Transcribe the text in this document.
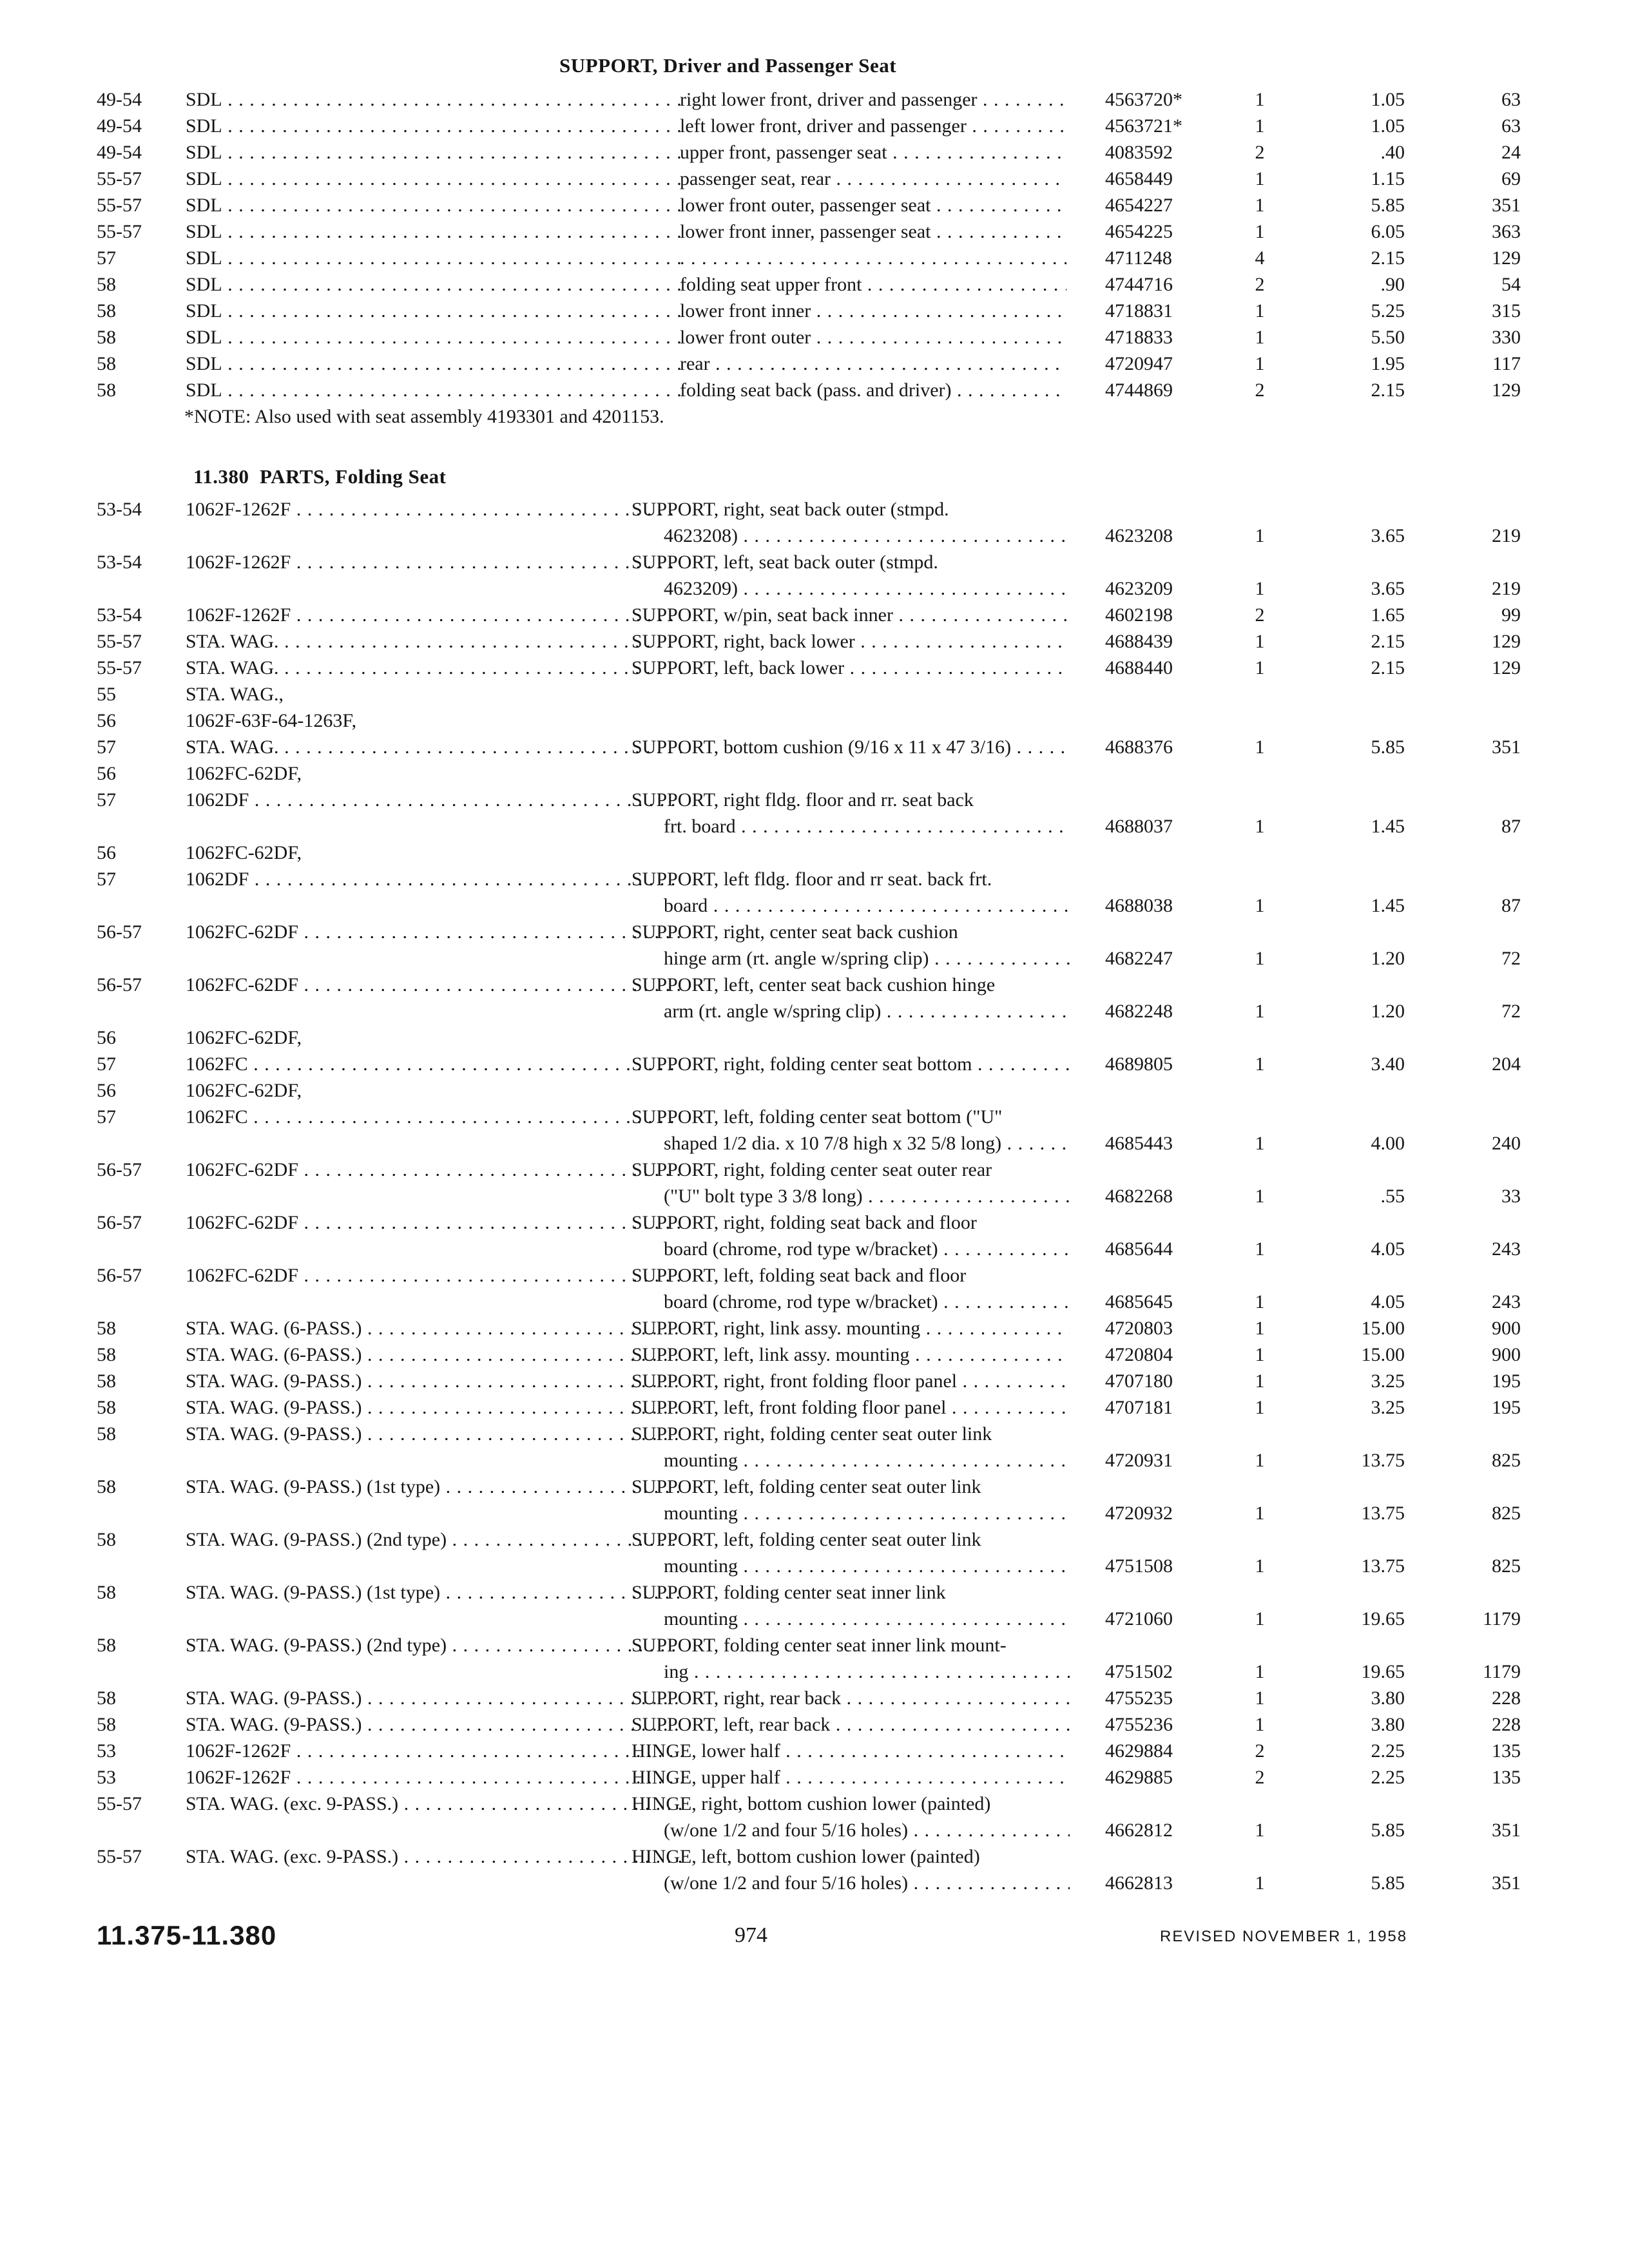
SUPPORT, Driver and Passenger Seat
49-54	SDL . . .	right lower front, driver and passenger . . .	4563720*	1	1.05	63
49-54	SDL . . .	left lower front, driver and passenger . . .	4563721*	1	1.05	63
49-54	SDL . . .	upper front, passenger seat . . .	4083592	2	.40	24
55-57	SDL . . .	passenger seat, rear . . .	4658449	1	1.15	69
55-57	SDL . . .	lower front outer, passenger seat . . .	4654227	1	5.85	351
55-57	SDL . . .	lower front inner, passenger seat . . .	4654225	1	6.05	363
57	SDL . . .
. . .	4711248	4	2.15	129
58	SDL . . .	folding seat upper front . . .	4744716	2	.90	54
58	SDL . . .	lower front inner . . .	4718831	1	5.25	315
58	SDL . . .	lower front outer . . .	4718833	1	5.50	330
58	SDL . . .	rear . . .	4720947	1	1.95	117
58	SDL . . .	folding seat back (pass. and driver) . . .	4744869	2	2.15	129
*NOTE: Also used with seat assembly 4193301 and 4201153.
11.380 PARTS, Folding Seat
53-54	1062F-1262F . . .	SUPPORT, right, seat back outer (stmpd.
4623208) . . .	4623208	1	3.65	219
53-54	1062F-1262F . . .	SUPPORT, left, seat back outer (stmpd.
4623209) . . .	4623209	1	3.65	219
53-54	1062F-1262F . . .	SUPPORT, w/pin, seat back inner . . .	4602198	2	1.65	99
55-57	STA. WAG. . . .	SUPPORT, right, back lower . . .	4688439	1	2.15	129
55-57	STA. WAG. . . .	SUPPORT, left, back lower . . .	4688440	1	2.15	129
55	STA. WAG.,
56	1062F-63F-64-1263F,
57	STA. WAG. . . .	SUPPORT, bottom cushion (9/16 x 11 x 47 3/16) . . .	4688376	1	5.85	351
56	1062FC-62DF,
57	1062DF . . .	SUPPORT, right fldg. floor and rr. seat back
frt. board . . .	4688037	1	1.45	87
56	1062FC-62DF,
57	1062DF . . .	SUPPORT, left fldg. floor and rr seat. back frt.
board . . .	4688038	1	1.45	87
56-57	1062FC-62DF . . .	SUPPORT, right, center seat back cushion
hinge arm (rt. angle w/spring clip) . . .	4682247	1	1.20	72
56-57	1062FC-62DF . . .	SUPPORT, left, center seat back cushion hinge
arm (rt. angle w/spring clip) . . .	4682248	1	1.20	72
56	1062FC-62DF,
57	1062FC . . .	SUPPORT, right, folding center seat bottom . . .	4689805	1	3.40	204
56	1062FC-62DF,
57	1062FC . . .	SUPPORT, left, folding center seat bottom ("U"
shaped 1/2 dia. x 10 7/8 high x 32 5/8 long) . . .	4685443	1	4.00	240
56-57	1062FC-62DF . . .	SUPPORT, right, folding center seat outer rear
("U" bolt type 3 3/8 long) . . .	4682268	1	.55	33
56-57	1062FC-62DF . . .	SUPPORT, right, folding seat back and floor
board (chrome, rod type w/bracket) . . .	4685644	1	4.05	243
56-57	1062FC-62DF . . .	SUPPORT, left, folding seat back and floor
board (chrome, rod type w/bracket) . . .	4685645	1	4.05	243
58	STA. WAG. (6-PASS.) . . .	SUPPORT, right, link assy. mounting . . .	4720803	1	15.00	900
58	STA. WAG. (6-PASS.) . . .	SUPPORT, left, link assy. mounting . . .	4720804	1	15.00	900
58	STA. WAG. (9-PASS.) . . .	SUPPORT, right, front folding floor panel . . .	4707180	1	3.25	195
58	STA. WAG. (9-PASS.) . . .	SUPPORT, left, front folding floor panel . . .	4707181	1	3.25	195
58	STA. WAG. (9-PASS.) . . .	SUPPORT, right, folding center seat outer link
mounting . . .	4720931	1	13.75	825
58	STA. WAG. (9-PASS.) (1st type) . . .	SUPPORT, left, folding center seat outer link
mounting . . .	4720932	1	13.75	825
58	STA. WAG. (9-PASS.) (2nd type) . . .	SUPPORT, left, folding center seat outer link
mounting . . .	4751508	1	13.75	825
58	STA. WAG. (9-PASS.) (1st type) . . .	SUPPORT, folding center seat inner link
mounting . . .	4721060	1	19.65	1179
58	STA. WAG. (9-PASS.) (2nd type) . . .	SUPPORT, folding center seat inner link mount-
ing . . .	4751502	1	19.65	1179
58	STA. WAG. (9-PASS.) . . .	SUPPORT, right, rear back . . .	4755235	1	3.80	228
58	STA. WAG. (9-PASS.) . . .	SUPPORT, left, rear back . . .	4755236	1	3.80	228
53	1062F-1262F . . .	HINGE, lower half . . .	4629884	2	2.25	135
53	1062F-1262F . . .	HINGE, upper half . . .	4629885	2	2.25	135
55-57	STA. WAG. (exc. 9-PASS.) . . .	HINGE, right, bottom cushion lower (painted)
(w/one 1/2 and four 5/16 holes) . . .	4662812	1	5.85	351
55-57	STA. WAG. (exc. 9-PASS.) . . .	HINGE, left, bottom cushion lower (painted)
(w/one 1/2 and four 5/16 holes) . . .	4662813	1	5.85	351
11.375-11.380	974	REVISED NOVEMBER 1, 1958
